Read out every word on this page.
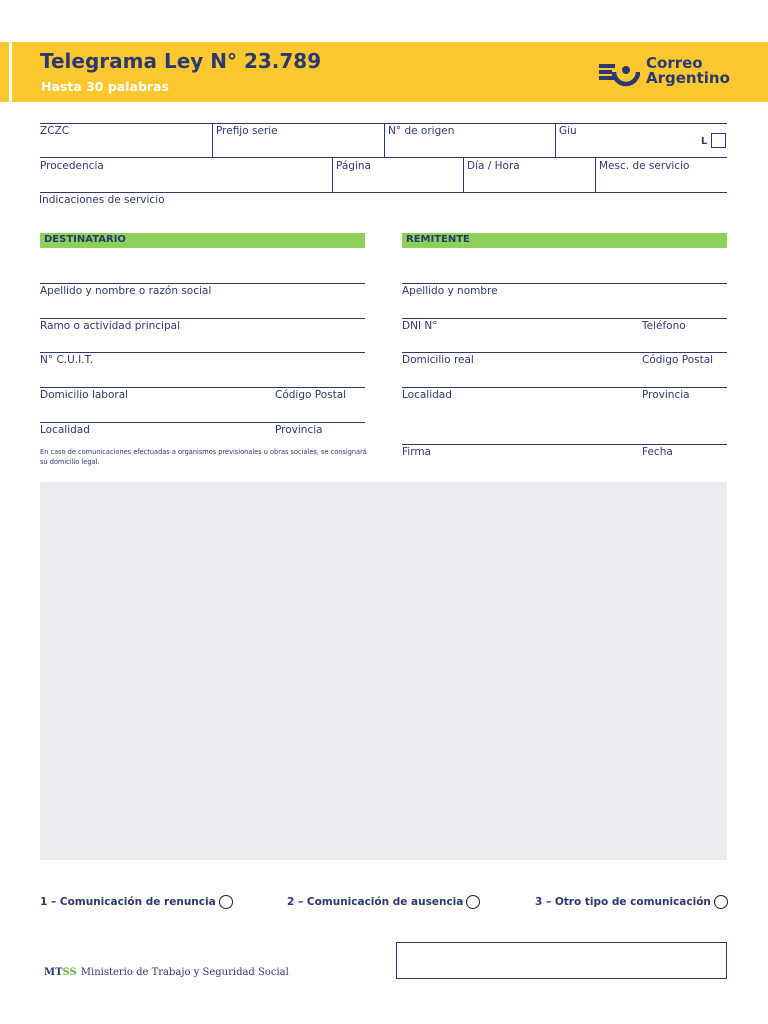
Telegrama Ley N° 23.789
Hasta 30 palabras
Correo
Argentino
ZCZC	Prefijo serie	N° de origen	Giu
L
Procedencia	Página	Día / Hora	Mesc. de servicio
Indicaciones de servicio
DESTINATARIO
Apellido y nombre o razón social
Ramo o actividad principal
N° C.U.I.T.
Domicilio laboral	Código Postal
Localidad	Provincia
En caso de comunicaciones efectuadas a organismos previsionales u obras sociales, se consignará su domicilio legal.
REMITENTE
Apellido y nombre
DNI N°	Teléfono
Domicilio real	Código Postal
Localidad	Provincia
Firma	Fecha
1 – Comunicación de renuncia	2 – Comunicación de ausencia	3 – Otro tipo de comunicación
MTSS Ministerio de Trabajo y Seguridad Social
